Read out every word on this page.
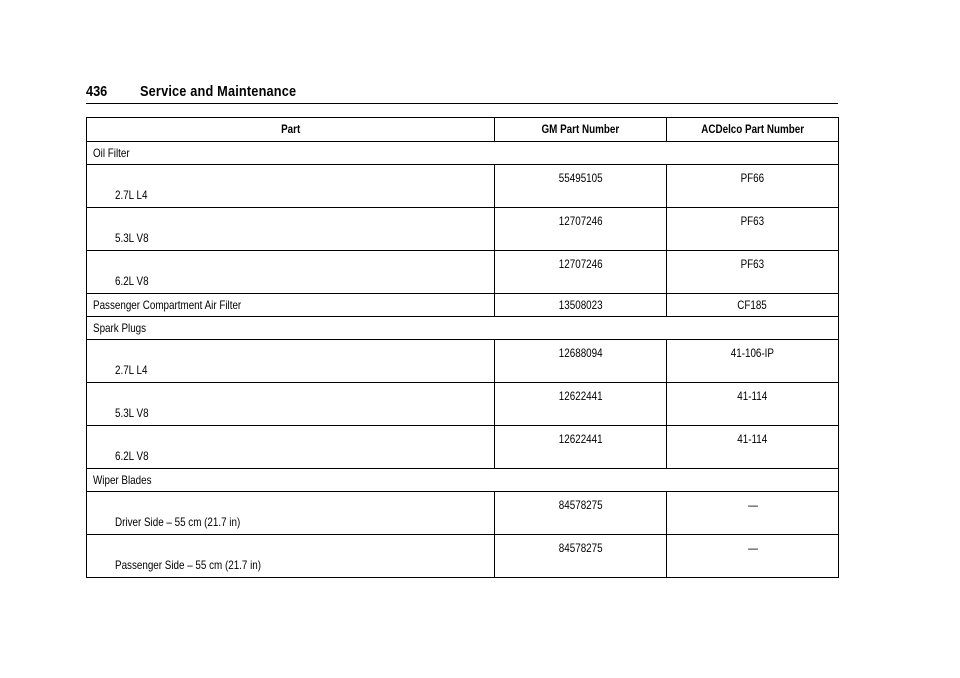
436 Service and Maintenance
Part	GM Part Number	ACDelco Part Number
Oil Filter		

2.7L L4	55495105	PF66

5.3L V8	12707246	PF63

6.2L V8	12707246	PF63
Passenger Compartment Air Filter	13508023	CF185
Spark Plugs		

2.7L L4	12688094	41-106-IP

5.3L V8	12622441	41-114

6.2L V8	12622441	41-114
Wiper Blades		

Driver Side – 55 cm (21.7 in)	84578275	—

Passenger Side – 55 cm (21.7 in)	84578275	—
